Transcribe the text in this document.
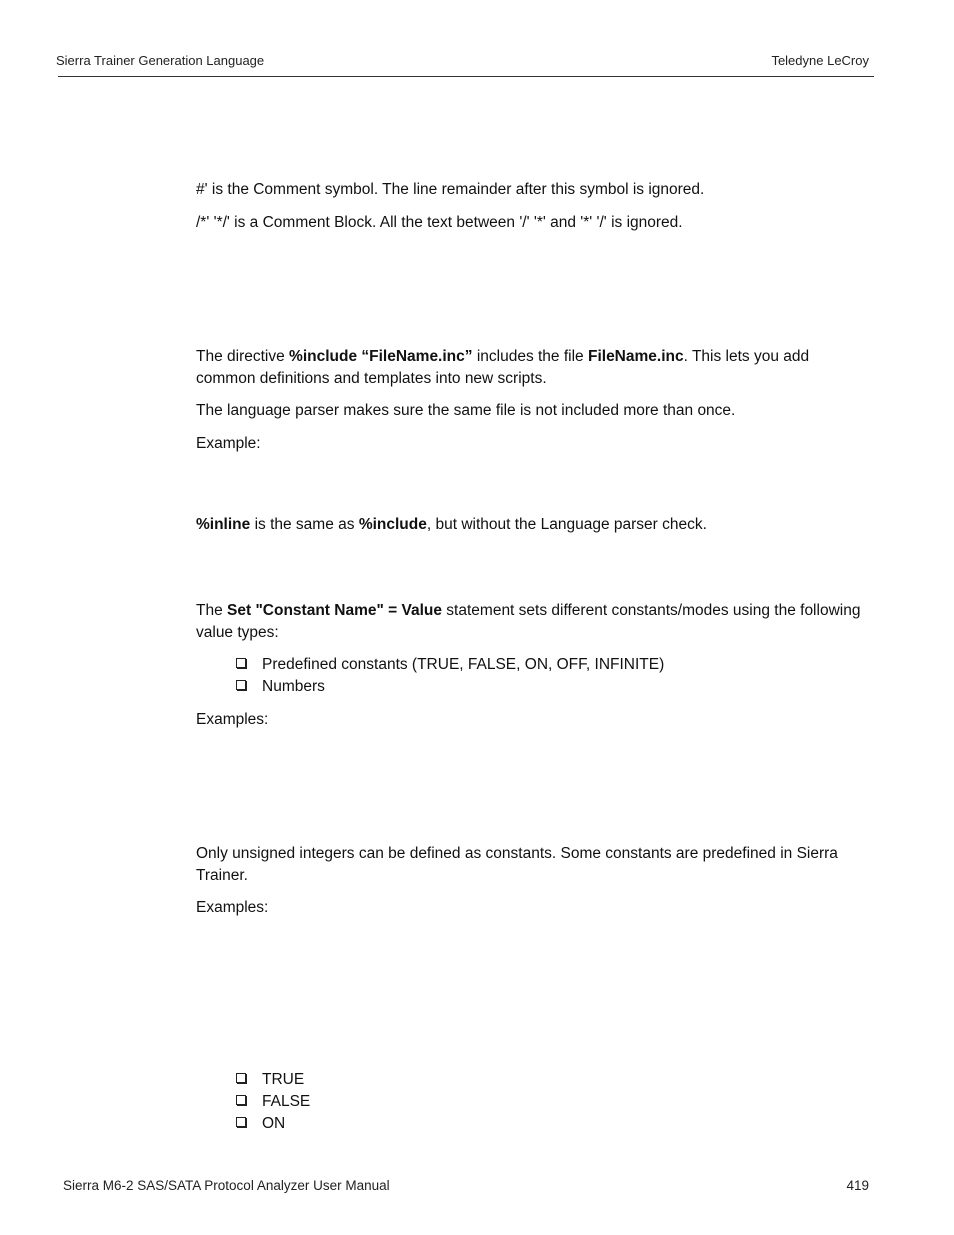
Sierra Trainer Generation Language	Teledyne LeCroy
#' is the Comment symbol. The line remainder after this symbol is ignored.
/*' '*/' is a Comment Block. All the text between '/' '*' and '*' '/' is ignored.
The directive %include “FileName.inc” includes the file FileName.inc. This lets you add common definitions and templates into new scripts.
The language parser makes sure the same file is not included more than once.
Example:
%inline is the same as %include, but without the Language parser check.
The Set "Constant Name" = Value statement sets different constants/modes using the following value types:
Predefined constants (TRUE, FALSE, ON, OFF, INFINITE)
Numbers
Examples:
Only unsigned integers can be defined as constants. Some constants are predefined in Sierra Trainer.
Examples:
TRUE
FALSE
ON
Sierra M6-2 SAS/SATA Protocol Analyzer User Manual	419
